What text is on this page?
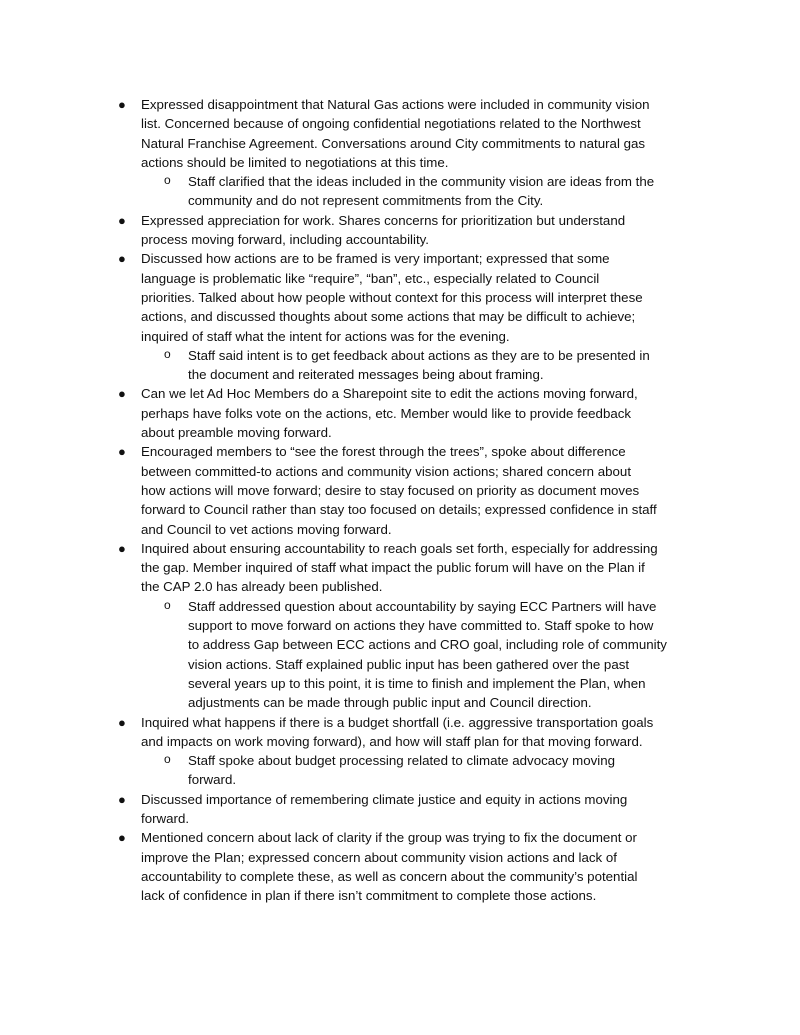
● Expressed disappointment that Natural Gas actions were included in community vision
list. Concerned because of ongoing confidential negotiations related to the Northwest
Natural Franchise Agreement. Conversations around City commitments to natural gas
actions should be limited to negotiations at this time.
o Staff clarified that the ideas included in the community vision are ideas from the
community and do not represent commitments from the City.
● Expressed appreciation for work. Shares concerns for prioritization but understand
process moving forward, including accountability.
● Discussed how actions are to be framed is very important; expressed that some
language is problematic like “require”, “ban”, etc., especially related to Council
priorities. Talked about how people without context for this process will interpret these
actions, and discussed thoughts about some actions that may be difficult to achieve;
inquired of staff what the intent for actions was for the evening.
o Staff said intent is to get feedback about actions as they are to be presented in
the document and reiterated messages being about framing.
● Can we let Ad Hoc Members do a Sharepoint site to edit the actions moving forward,
perhaps have folks vote on the actions, etc. Member would like to provide feedback
about preamble moving forward.
● Encouraged members to “see the forest through the trees”, spoke about difference
between committed-to actions and community vision actions; shared concern about
how actions will move forward; desire to stay focused on priority as document moves
forward to Council rather than stay too focused on details; expressed confidence in staff
and Council to vet actions moving forward.
● Inquired about ensuring accountability to reach goals set forth, especially for addressing
the gap. Member inquired of staff what impact the public forum will have on the Plan if
the CAP 2.0 has already been published.
o Staff addressed question about accountability by saying ECC Partners will have
support to move forward on actions they have committed to. Staff spoke to how
to address Gap between ECC actions and CRO goal, including role of community
vision actions. Staff explained public input has been gathered over the past
several years up to this point, it is time to finish and implement the Plan, when
adjustments can be made through public input and Council direction.
● Inquired what happens if there is a budget shortfall (i.e. aggressive transportation goals
and impacts on work moving forward), and how will staff plan for that moving forward.
o Staff spoke about budget processing related to climate advocacy moving
forward.
● Discussed importance of remembering climate justice and equity in actions moving
forward.
● Mentioned concern about lack of clarity if the group was trying to fix the document or
improve the Plan; expressed concern about community vision actions and lack of
accountability to complete these, as well as concern about the community’s potential
lack of confidence in plan if there isn’t commitment to complete those actions.
